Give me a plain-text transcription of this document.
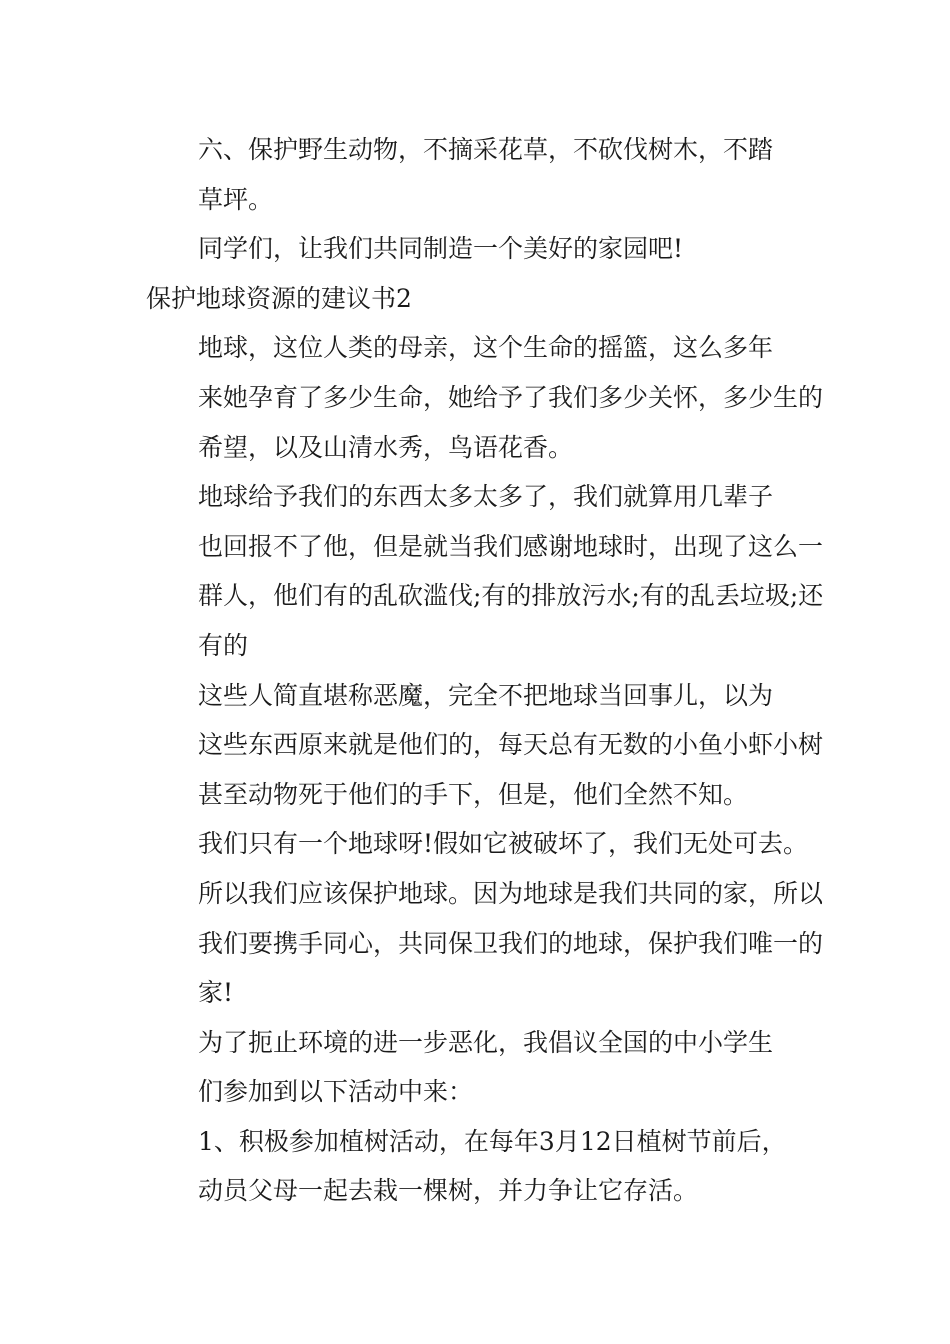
六、保护野生动物，不摘采花草，不砍伐树木，不踏
草坪。

同学们，让我们共同制造一个美好的家园吧!

保护地球资源的建议书2

地球，这位人类的母亲，这个生命的摇篮，这么多年
来她孕育了多少生命，她给予了我们多少关怀，多少生的
希望，以及山清水秀，鸟语花香。

地球给予我们的东西太多太多了，我们就算用几辈子
也回报不了他，但是就当我们感谢地球时，出现了这么一
群人，他们有的乱砍滥伐;有的排放污水;有的乱丢垃圾;还
有的

这些人简直堪称恶魔，完全不把地球当回事儿，以为
这些东西原来就是他们的，每天总有无数的小鱼小虾小树
甚至动物死于他们的手下，但是，他们全然不知。

我们只有一个地球呀!假如它被破坏了，我们无处可去。
所以我们应该保护地球。因为地球是我们共同的家，所以
我们要携手同心，共同保卫我们的地球，保护我们唯一的
家!

为了扼止环境的进一步恶化，我倡议全国的中小学生
们参加到以下活动中来：

1、积极参加植树活动，在每年3月12日植树节前后，
动员父母一起去栽一棵树，并力争让它存活。
